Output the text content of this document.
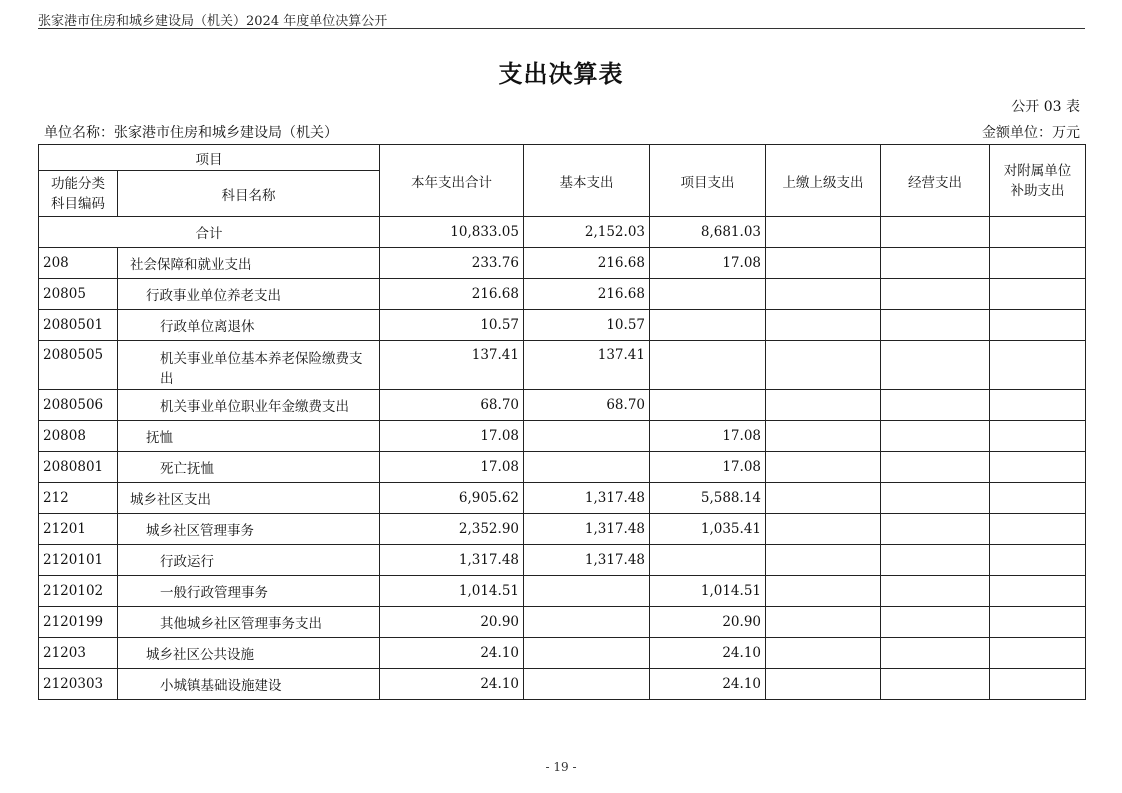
张家港市住房和城乡建设局（机关）2024 年度单位决算公开
支出决算表
公开 03 表
单位名称：张家港市住房和城乡建设局（机关）	金额单位：万元
项目		本年支出合计	基本支出	项目支出	上缴上级支出	经营支出	对附属单位
补助支出
功能分类
科目编码	科目名称						
合计		10,833.05	2,152.03	8,681.03			
208	社会保障和就业支出	233.76	216.68	17.08			
20805	行政事业单位养老支出	216.68	216.68				
2080501	行政单位离退休	10.57	10.57				
2080505	机关事业单位基本养老保险缴费支出	137.41	137.41				
2080506	机关事业单位职业年金缴费支出	68.70	68.70				
20808	抚恤	17.08		17.08			
2080801	死亡抚恤	17.08		17.08			
212	城乡社区支出	6,905.62	1,317.48	5,588.14			
21201	城乡社区管理事务	2,352.90	1,317.48	1,035.41			
2120101	行政运行	1,317.48	1,317.48				
2120102	一般行政管理事务	1,014.51		1,014.51			
2120199	其他城乡社区管理事务支出	20.90		20.90			
21203	城乡社区公共设施	24.10		24.10			
2120303	小城镇基础设施建设	24.10		24.10			
- 19 -
